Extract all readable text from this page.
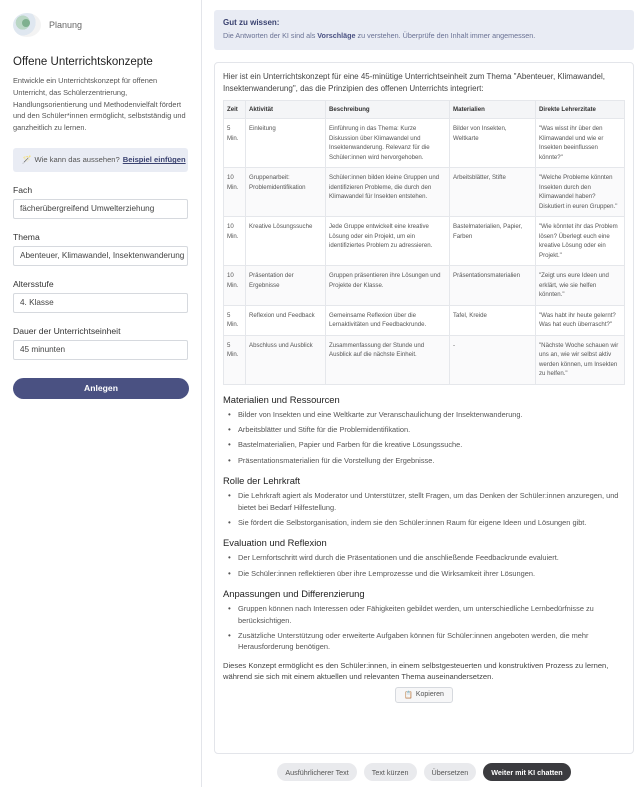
Planung
Offene Unterrichtskonzepte
Entwickle ein Unterrichtskonzept für offenen Unterricht, das Schülerzentrierung, Handlungsorientierung und Methodenvielfalt fördert und den Schüler*innen ermöglicht, selbstständig und ganzheitlich zu lernen.
🪄 Wie kann das aussehen? Beispiel einfügen
Fach
fächerübergreifend Umwelterziehung
Thema
Abenteuer, Klimawandel, Insektenwanderung
Altersstufe
4. Klasse
Dauer der Unterrichtseinheit
45 minunten
Anlegen
Gut zu wissen:
Die Antworten der KI sind als Vorschläge zu verstehen. Überprüfe den Inhalt immer angemessen.
Hier ist ein Unterrichtskonzept für eine 45-minütige Unterrichtseinheit zum Thema "Abenteuer, Klimawandel, Insektenwanderung", das die Prinzipien des offenen Unterrichts integriert:
Zeit	Aktivität	Beschreibung	Materialien	Direkte Lehrerzitate
5 Min.	Einleitung	Einführung in das Thema: Kurze Diskussion über Klimawandel und Insektenwanderung. Relevanz für die Schüler:innen wird hervorgehoben.	Bilder von Insekten, Weltkarte	"Was wisst ihr über den Klimawandel und wie er Insekten beeinflussen könnte?"
10 Min.	Gruppenarbeit: Problemidentifikation	Schüler:innen bilden kleine Gruppen und identifizieren Probleme, die durch den Klimawandel für Insekten entstehen.	Arbeitsblätter, Stifte	"Welche Probleme könnten Insekten durch den Klimawandel haben? Diskutiert in euren Gruppen."
10 Min.	Kreative Lösungssuche	Jede Gruppe entwickelt eine kreative Lösung oder ein Projekt, um ein identifiziertes Problem zu adressieren.	Bastelmaterialien, Papier, Farben	"Wie könntet ihr das Problem lösen? Überlegt euch eine kreative Lösung oder ein Projekt."
10 Min.	Präsentation der Ergebnisse	Gruppen präsentieren ihre Lösungen und Projekte der Klasse.	Präsentationsmaterialien	"Zeigt uns eure Ideen und erklärt, wie sie helfen könnten."
5 Min.	Reflexion und Feedback	Gemeinsame Reflexion über die Lernaktivitäten und Feedbackrunde.	Tafel, Kreide	"Was habt ihr heute gelernt? Was hat euch überrascht?"
5 Min.	Abschluss und Ausblick	Zusammenfassung der Stunde und Ausblick auf die nächste Einheit.	-	"Nächste Woche schauen wir uns an, wie wir selbst aktiv werden können, um Insekten zu helfen."
Materialien und Ressourcen
• Bilder von Insekten und eine Weltkarte zur Veranschaulichung der Insektenwanderung.
• Arbeitsblätter und Stifte für die Problemidentifikation.
• Bastelmaterialien, Papier und Farben für die kreative Lösungssuche.
• Präsentationsmaterialien für die Vorstellung der Ergebnisse.
Rolle der Lehrkraft
• Die Lehrkraft agiert als Moderator und Unterstützer, stellt Fragen, um das Denken der Schüler:innen anzuregen, und bietet bei Bedarf Hilfestellung.
• Sie fördert die Selbstorganisation, indem sie den Schüler:innen Raum für eigene Ideen und Lösungen gibt.
Evaluation und Reflexion
• Der Lernfortschritt wird durch die Präsentationen und die anschließende Feedbackrunde evaluiert.
• Die Schüler:innen reflektieren über ihre Lernprozesse und die Wirksamkeit ihrer Lösungen.
Anpassungen und Differenzierung
• Gruppen können nach Interessen oder Fähigkeiten gebildet werden, um unterschiedliche Lernbedürfnisse zu berücksichtigen.
• Zusätzliche Unterstützung oder erweiterte Aufgaben können für Schüler:innen angeboten werden, die mehr Herausforderung benötigen.
Dieses Konzept ermöglicht es den Schüler:innen, in einem selbstgesteuerten und konstruktiven Prozess zu lernen, während sie sich mit einem aktuellen und relevanten Thema auseinandersetzen.
📋 Kopieren
Ausführlicherer Text	Text kürzen	Übersetzen	Weiter mit KI chatten
